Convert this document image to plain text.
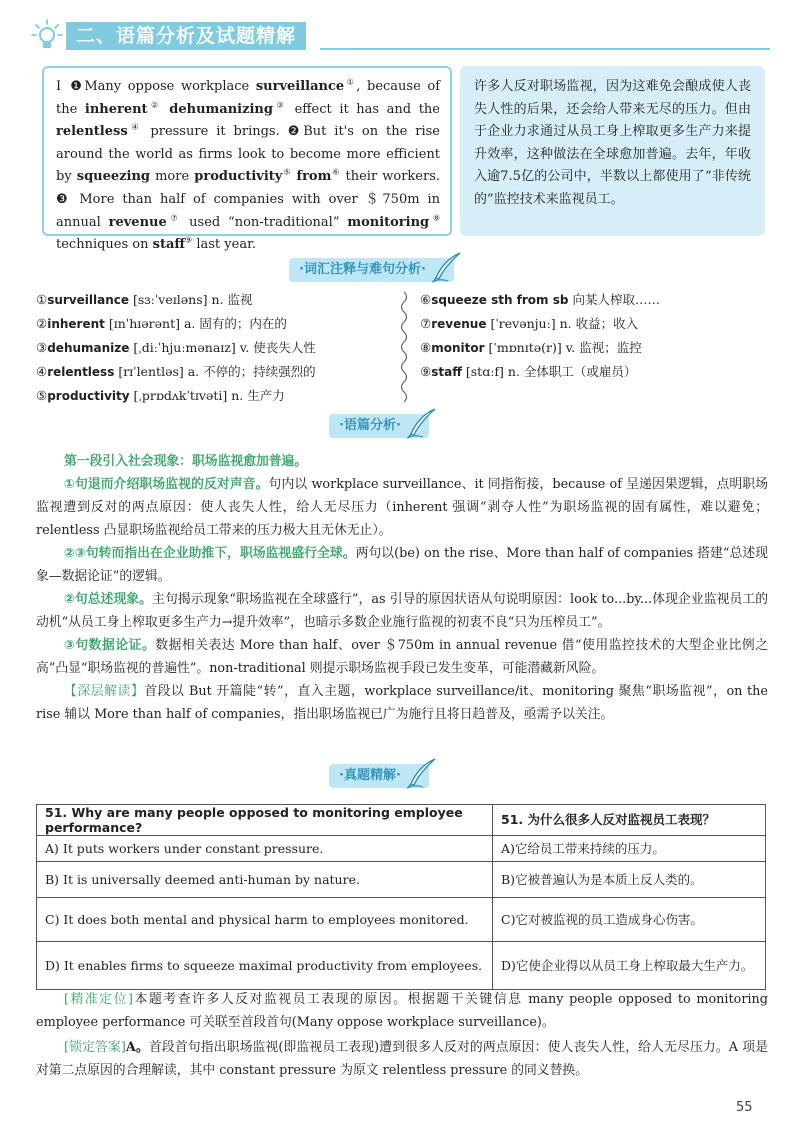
二、语篇分析及试题精解
Ⅰ ❶Many oppose workplace surveillance①, because of the inherent② dehumanizing③ effect it has and the relentless④ pressure it brings. ❷But it's on the rise around the world as firms look to become more efficient by squeezing more productivity⑤ from⑥ their workers. ❸ More than half of companies with over ＄750m in annual revenue⑦ used “non-traditional” monitoring⑧ techniques on staff⑨ last year.
许多人反对职场监视，因为这难免会酿成使人丧失人性的后果，还会给人带来无尽的压力。但由于企业力求通过从员工身上榨取更多生产力来提升效率，这种做法在全球愈加普遍。去年，年收入逾7.5亿的公司中，半数以上都使用了“非传统的”监控技术来监视员工。
·词汇注释与难句分析·
①surveillance [sɜːˈveɪləns] n. 监视
②inherent [ɪnˈhɪərənt] a. 固有的；内在的
③dehumanize [ˌdiːˈhjuːmənaɪz] v. 使丧失人性
④relentless [rɪˈlentləs] a. 不停的；持续强烈的
⑤productivity [ˌprɒdʌkˈtɪvəti] n. 生产力
⑥squeeze sth from sb 向某人榨取……
⑦revenue [ˈrevənjuː] n. 收益；收入
⑧monitor [ˈmɒnɪtə(r)] v. 监视；监控
⑨staff [stɑːf] n. 全体职工（或雇员）
·语篇分析·

第一段引入社会现象：职场监视愈加普遍。

①句退而介绍职场监视的反对声音。句内以 workplace surveillance、it 同指衔接，because of 呈递因果逻辑，点明职场监视遭到反对的两点原因：使人丧失人性，给人无尽压力（inherent 强调“剥夺人性”为职场监视的固有属性，难以避免；relentless 凸显职场监视给员工带来的压力极大且无休无止）。

②③句转而指出在企业助推下，职场监视盛行全球。两句以(be) on the rise、More than half of companies 搭建“总述现象—数据论证”的逻辑。

②句总述现象。主句揭示现象“职场监视在全球盛行”，as 引导的原因状语从句说明原因：look to...by...体现企业监视员工的动机“从员工身上榨取更多生产力→提升效率”，也暗示多数企业施行监视的初衷不良“只为压榨员工”。

③句数据论证。数据相关表达 More than half、over ＄750m in annual revenue 借“使用监控技术的大型企业比例之高”凸显“职场监视的普遍性”。non-traditional 则提示职场监视手段已发生变革，可能潜藏新风险。

【深层解读】首段以 But 开篇陡“转”，直入主题，workplace surveillance/it、monitoring 聚焦“职场监视”，on the rise 辅以 More than half of companies，指出职场监视已广为施行且将日趋普及，亟需予以关注。

·真题精解·
51. Why are many people opposed to monitoring employee performance?	51. 为什么很多人反对监视员工表现？
A) It puts workers under constant pressure.	A)它给员工带来持续的压力。
B) It is universally deemed anti-human by nature.	B)它被普遍认为是本质上反人类的。
C) It does both mental and physical harm to employees monitored.	C)它对被监视的员工造成身心伤害。
D) It enables firms to squeeze maximal productivity from employees.	D)它使企业得以从员工身上榨取最大生产力。

[精准定位]本题考查许多人反对监视员工表现的原因。根据题干关键信息 many people opposed to monitoring employee performance 可关联至首段首句(Many oppose workplace surveillance)。

[锁定答案]A。首段首句指出职场监视(即监视员工表现)遭到很多人反对的两点原因：使人丧失人性，给人无尽压力。A 项是对第二点原因的合理解读，其中 constant pressure 为原文 relentless pressure 的同义替换。

55
